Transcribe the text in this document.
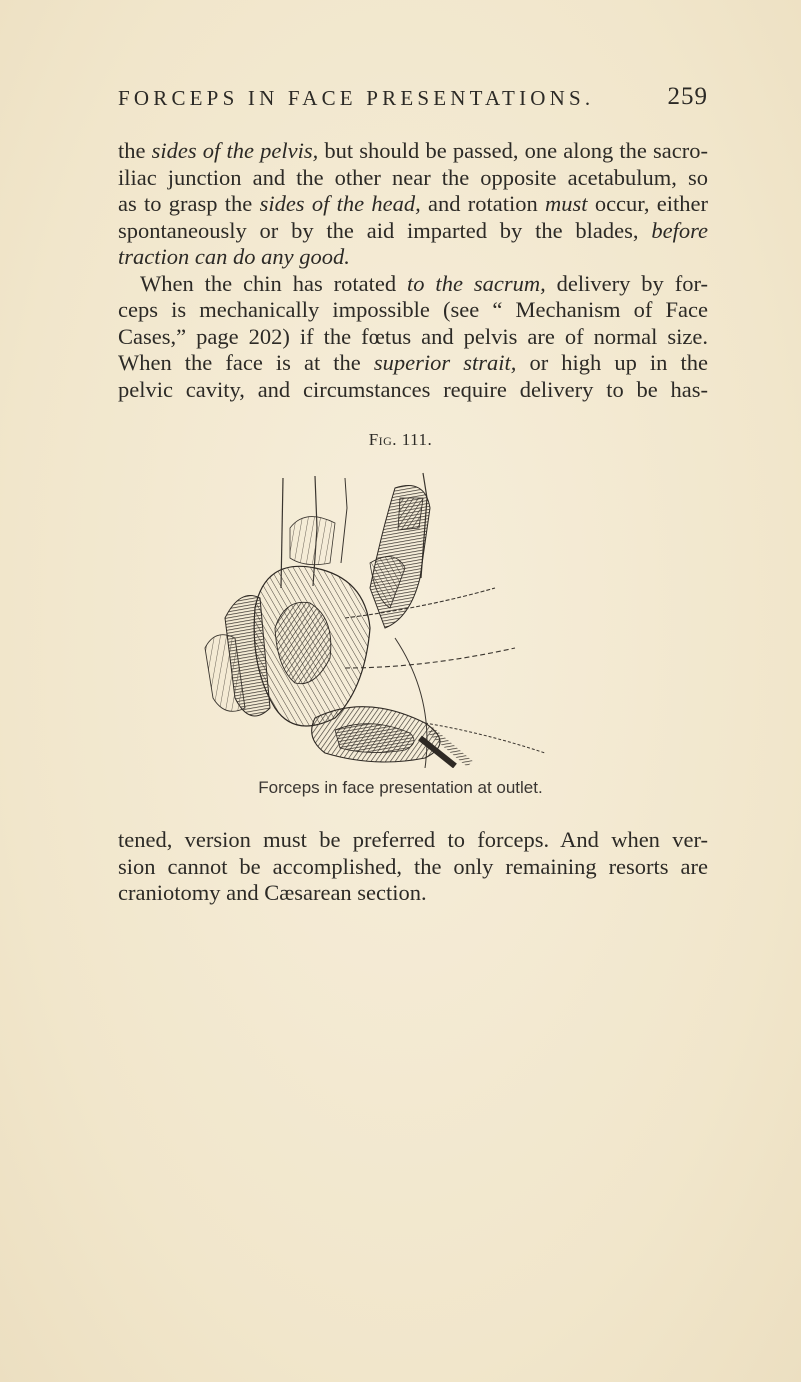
FORCEPS IN FACE PRESENTATIONS.	259
the sides of the pelvis, but should be passed, one along the sacro-
iliac junction and the other near the opposite acetabulum, so
as to grasp the sides of the head, and rotation must occur, either
spontaneously or by the aid imparted by the blades, before
traction can do any good.
When the chin has rotated to the sacrum, delivery by for-
ceps is mechanically impossible (see “ Mechanism of Face
Cases,” page 202) if the fœtus and pelvis are of normal size.
When the face is at the superior strait, or high up in the
pelvic cavity, and circumstances require delivery to be has-
Fig. 111.
Forceps in face presentation at outlet.
tened, version must be preferred to forceps. And when ver-
sion cannot be accomplished, the only remaining resorts are
craniotomy and Cæsarean section.
